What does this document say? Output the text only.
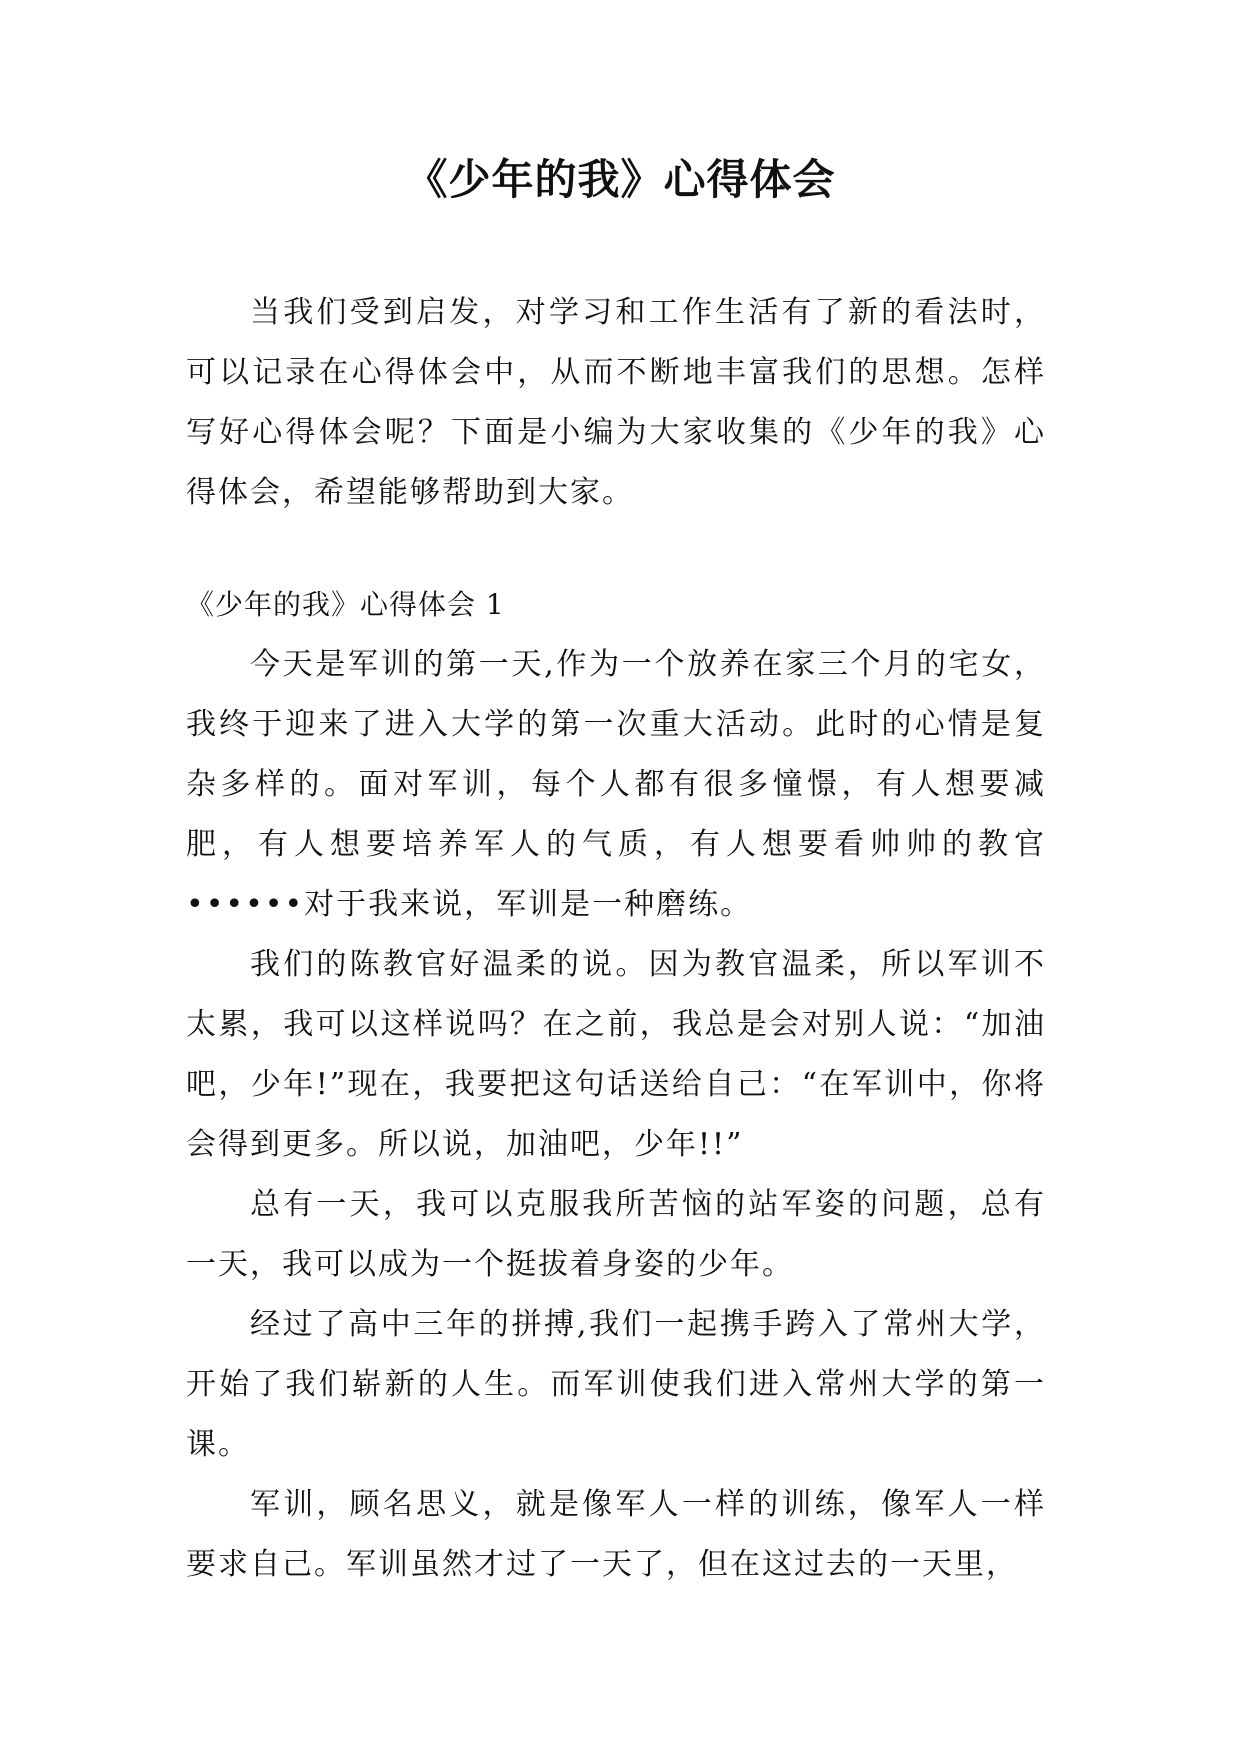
《少年的我》心得体会

当我们受到启发，对学习和工作生活有了新的看法时，可以记录在心得体会中，从而不断地丰富我们的思想。怎样写好心得体会呢？下面是小编为大家收集的《少年的我》心得体会，希望能够帮助到大家。

《少年的我》心得体会 1

今天是军训的第一天,作为一个放养在家三个月的宅女，我终于迎来了进入大学的第一次重大活动。此时的心情是复杂多样的。面对军训，每个人都有很多憧憬，有人想要减肥，有人想要培养军人的气质，有人想要看帅帅的教官••••••对于我来说，军训是一种磨练。

我们的陈教官好温柔的说。因为教官温柔，所以军训不太累，我可以这样说吗？在之前，我总是会对别人说：“加油吧，少年!”现在，我要把这句话送给自己：“在军训中，你将会得到更多。所以说，加油吧，少年!!”

总有一天，我可以克服我所苦恼的站军姿的问题，总有一天，我可以成为一个挺拔着身姿的少年。

经过了高中三年的拼搏,我们一起携手跨入了常州大学，开始了我们崭新的人生。而军训使我们进入常州大学的第一课。

军训，顾名思义，就是像军人一样的训练，像军人一样要求自己。军训虽然才过了一天了，但在这过去的一天里，
